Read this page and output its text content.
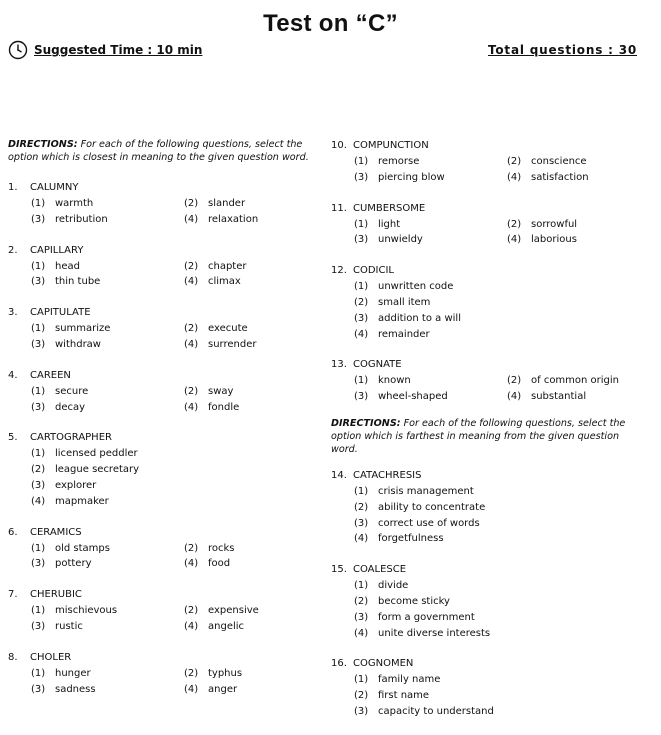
Test on “C”
Suggested Time : 10 min	Total questions : 30
DIRECTIONS: For each of the following questions, select the option which is closest in meaning to the given question word.
1. CALUMNY
(1) warmth	(2) slander
(3) retribution	(4) relaxation
2. CAPILLARY
(1) head	(2) chapter
(3) thin tube	(4) climax
3. CAPITULATE
(1) summarize	(2) execute
(3) withdraw	(4) surrender
4. CAREEN
(1) secure	(2) sway
(3) decay	(4) fondle
5. CARTOGRAPHER
(1) licensed peddler
(2) league secretary
(3) explorer
(4) mapmaker
6. CERAMICS
(1) old stamps	(2) rocks
(3) pottery	(4) food
7. CHERUBIC
(1) mischievous	(2) expensive
(3) rustic	(4) angelic
8. CHOLER
(1) hunger	(2) typhus
(3) sadness	(4) anger
10. COMPUNCTION
(1) remorse	(2) conscience
(3) piercing blow	(4) satisfaction
11. CUMBERSOME
(1) light	(2) sorrowful
(3) unwieldy	(4) laborious
12. CODICIL
(1) unwritten code
(2) small item
(3) addition to a will
(4) remainder
13. COGNATE
(1) known	(2) of common origin
(3) wheel-shaped	(4) substantial
DIRECTIONS: For each of the following questions, select the option which is farthest in meaning from the given question word.
14. CATACHRESIS
(1) crisis management
(2) ability to concentrate
(3) correct use of words
(4) forgetfulness
15. COALESCE
(1) divide
(2) become sticky
(3) form a government
(4) unite diverse interests
16. COGNOMEN
(1) family name
(2) first name
(3) capacity to understand
